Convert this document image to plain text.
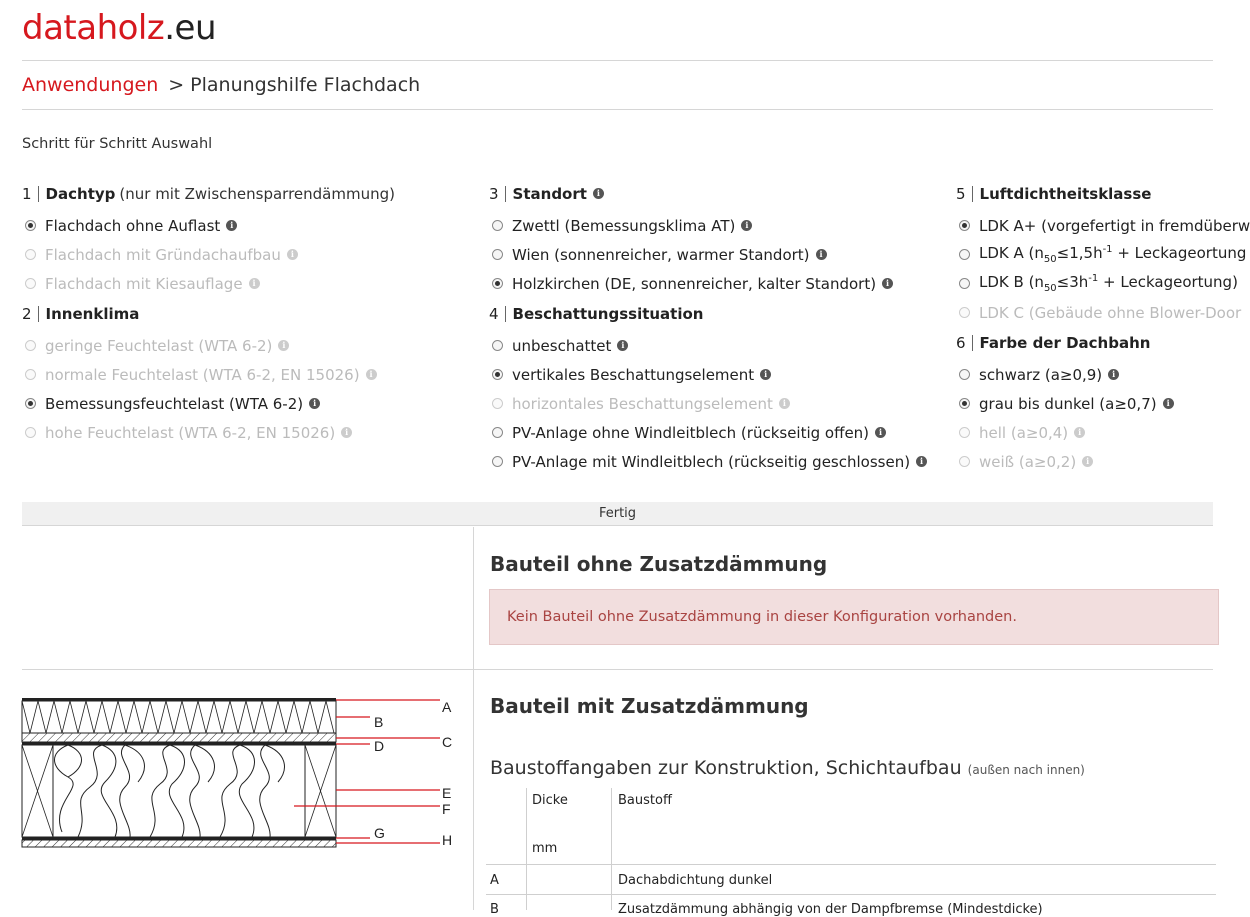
dataholz.eu
Anwendungen > Planungshilfe Flachdach
Schritt für Schritt Auswahl
1 Dachtyp (nur mit Zwischensparrendämmung)
Flachdach ohne Auflast	i
Flachdach mit Gründachaufbau	i
Flachdach mit Kiesauflage	i
2 Innenklima
geringe Feuchtelast (WTA 6-2)	i
normale Feuchtelast (WTA 6-2, EN 15026)	i
Bemessungsfeuchtelast (WTA 6-2)	i
hohe Feuchtelast (WTA 6-2, EN 15026)	i
3 Standort	i
Zwettl (Bemessungsklima AT)	i
Wien (sonnenreicher, warmer Standort)	i
Holzkirchen (DE, sonnenreicher, kalter Standort)	i
4 Beschattungssituation
unbeschattet	i
vertikales Beschattungselement	i
horizontales Beschattungselement	i
PV-Anlage ohne Windleitblech (rückseitig offen)	i
PV-Anlage mit Windleitblech (rückseitig geschlossen)	i
5 Luftdichtheitsklasse
LDK A+ (vorgefertigt in fremdüberw
LDK A ($n_{50}\le 1,5h^{-1}$ + Leckageortung
LDK B ($n_{50}\le 3h^{-1}$ + Leckageortung)
LDK C (Gebäude ohne Blower-Door
6 Farbe der Dachbahn
schwarz (a≥0,9)	i
grau bis dunkel (a≥0,7)	i
hell (a≥0,4)	i
weiß (a≥0,2)	i
Fertig
Bauteil ohne Zusatzdämmung
Kein Bauteil ohne Zusatzdämmung in dieser Konfiguration vorhanden.
Bauteil mit Zusatzdämmung
Baustoffangaben zur Konstruktion, Schichtaufbau (außen nach innen)
Dicke	Baustoff
mm
A	Dachabdichtung dunkel
B	Zusatzdämmung abhängig von der Dampfbremse (Mindestdicke)
A
B
C
D
E
F
G	H
